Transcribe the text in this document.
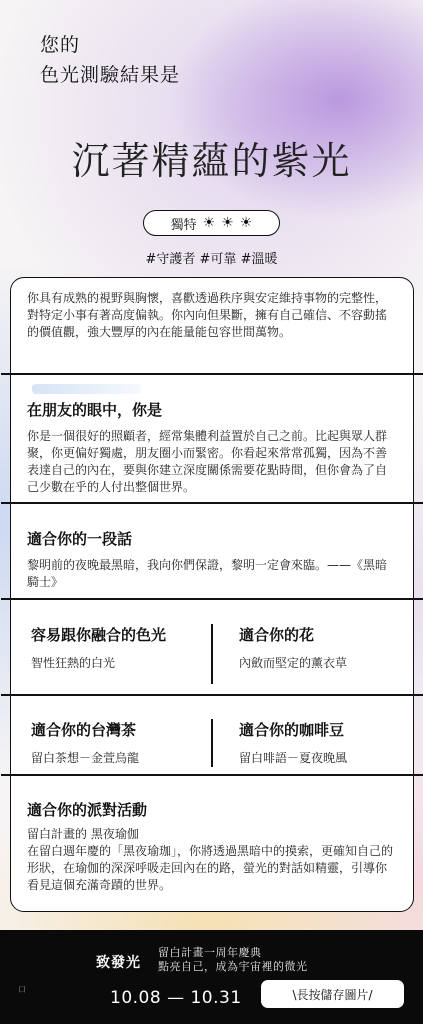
您的
色光測驗結果是
沉著精蘊的紫光
獨特 ☀ ☀ ☀
#守護者 #可靠 #溫暖
你具有成熟的視野與胸懷，喜歡透過秩序與安定維持事物的完整性，對特定小事有著高度偏執。你內向但果斷，擁有自己確信、不容動搖的價值觀，強大豐厚的內在能量能包容世間萬物。
在朋友的眼中，你是
你是一個很好的照顧者，經常集體利益置於自己之前。比起與眾人群聚，你更偏好獨處，朋友圈小而緊密。你看起來常常孤獨，因為不善表達自己的內在，要與你建立深度關係需要花點時間，但你會為了自己少數在乎的人付出整個世界。
適合你的一段話
黎明前的夜晚最黑暗，我向你們保證，黎明一定會來臨。——《黑暗騎士》
容易跟你融合的色光
智性狂熱的白光
適合你的花
內斂而堅定的薰衣草
適合你的台灣茶
留白茶想－金萱烏龍
適合你的咖啡豆
留白啡語－夏夜晚風
適合你的派對活動
留白計畫的 黑夜瑜伽
在留白週年慶的「黑夜瑜珈」，你將透過黑暗中的摸索，更確知自己的形狀，在瑜伽的深深呼吸走回內在的路，螢光的對話如精靈，引導你看見這個充滿奇蹟的世界。
口
致發光
留白計畫一周年慶典
點亮自己，成為宇宙裡的微光
10.08 — 10.31	\長按儲存圖片/
